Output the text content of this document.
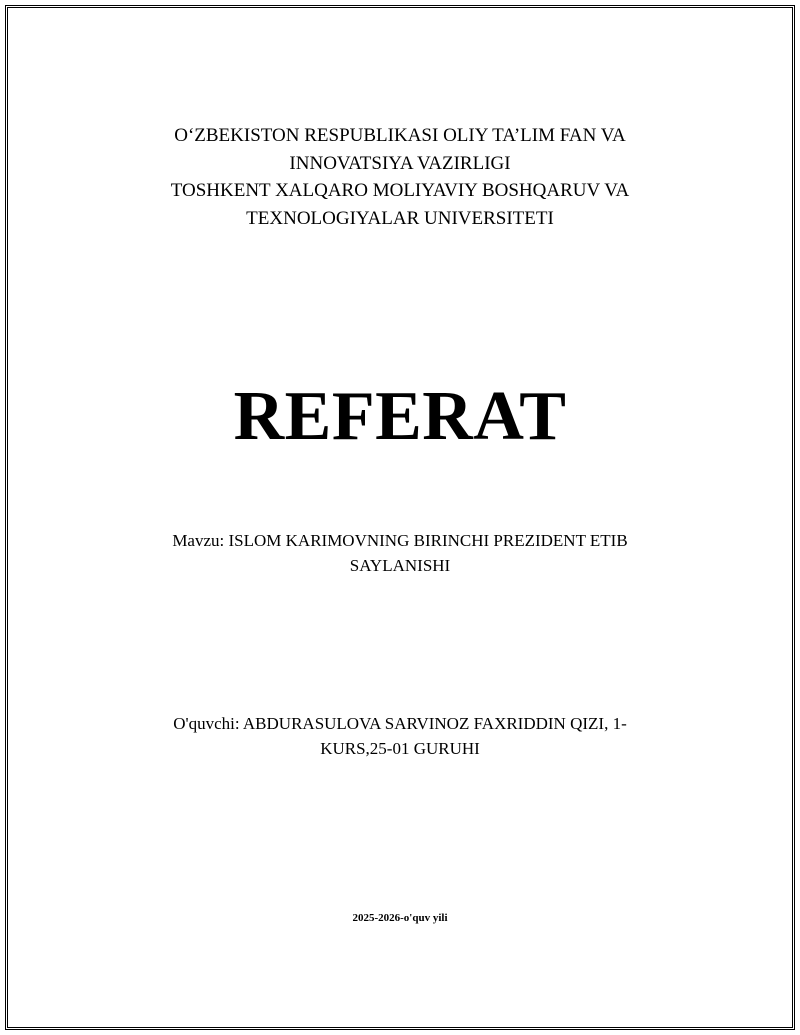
O‘ZBEKISTON RESPUBLIKASI OLIY TA’LIM FAN VA
INNOVATSIYA VAZIRLIGI
TOSHKENT XALQARO MOLIYAVIY BOSHQARUV VA
TEXNOLOGIYALAR UNIVERSITETI
REFERAT
Mavzu: ISLOM KARIMOVNING BIRINCHI PREZIDENT ETIB
SAYLANISHI
O'quvchi: ABDURASULOVA SARVINOZ FAXRIDDIN QIZI, 1-
KURS,25-01 GURUHI
2025-2026-o'quv yili
